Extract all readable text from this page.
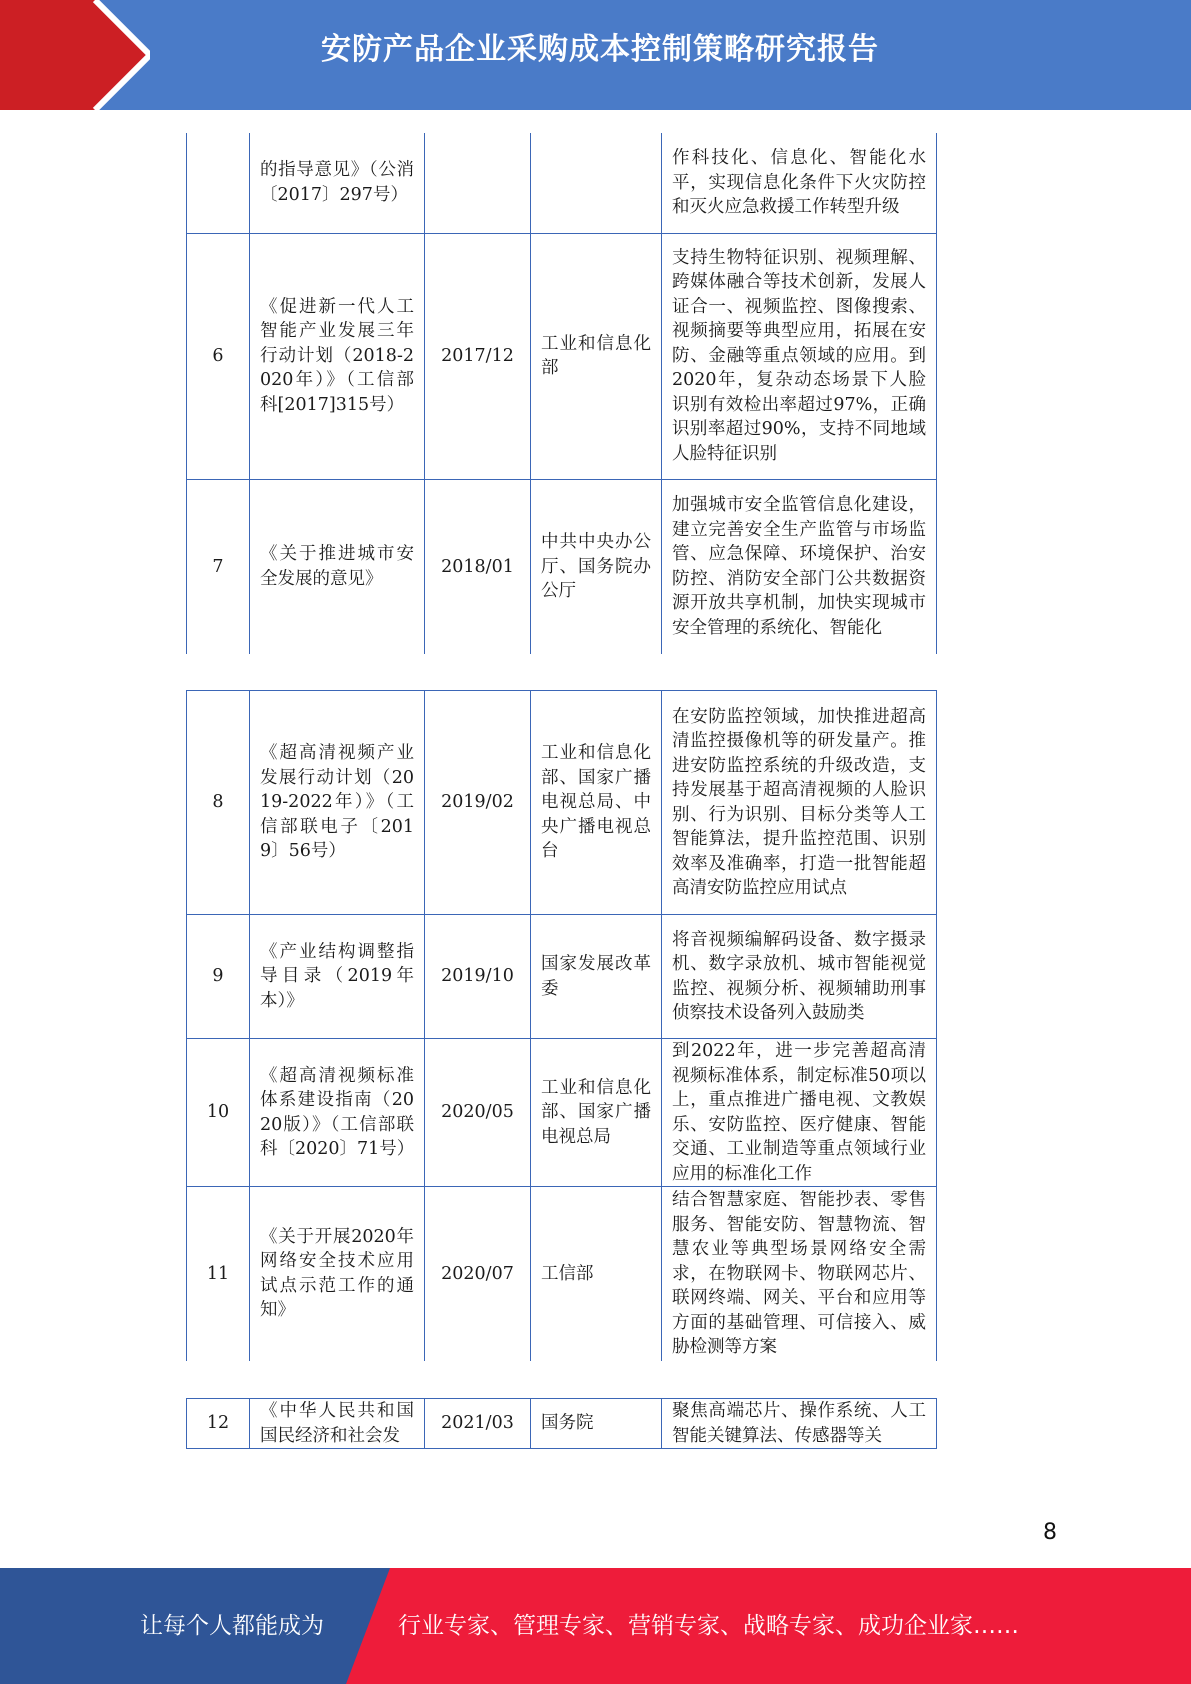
安防产品企业采购成本控制策略研究报告
	的指导意见》（公消〔2017〕297号）			作科技化、信息化、智能化水平，实现信息化条件下火灾防控和灭火应急救援工作转型升级
6	《促进新一代人工智能产业发展三年行动计划（2018-2020年）》（工信部科[2017]315号）	2017/12	工业和信息化部	支持生物特征识别、视频理解、跨媒体融合等技术创新，发展人证合一、视频监控、图像搜索、视频摘要等典型应用，拓展在安防、金融等重点领域的应用。到2020年，复杂动态场景下人脸识别有效检出率超过97%，正确识别率超过90%，支持不同地域人脸特征识别
7	《关于推进城市安全发展的意见》	2018/01	中共中央办公厅、国务院办公厅	加强城市安全监管信息化建设，建立完善安全生产监管与市场监管、应急保障、环境保护、治安防控、消防安全部门公共数据资源开放共享机制，加快实现城市安全管理的系统化、智能化
8	《超高清视频产业发展行动计划（2019-2022年）》（工信部联电子〔2019〕56号）	2019/02	工业和信息化部、国家广播电视总局、中央广播电视总台	在安防监控领域，加快推进超高清监控摄像机等的研发量产。推进安防监控系统的升级改造，支持发展基于超高清视频的人脸识别、行为识别、目标分类等人工智能算法，提升监控范围、识别效率及准确率，打造一批智能超高清安防监控应用试点
9	《产业结构调整指导目录（2019年本）》	2019/10	国家发展改革委	将音视频编解码设备、数字摄录机、数字录放机、城市智能视觉监控、视频分析、视频辅助刑事侦察技术设备列入鼓励类
10	《超高清视频标准体系建设指南（2020版）》（工信部联科〔2020〕71号）	2020/05	工业和信息化部、国家广播电视总局	到2022年，进一步完善超高清视频标准体系，制定标准50项以上，重点推进广播电视、文教娱乐、安防监控、医疗健康、智能交通、工业制造等重点领域行业应用的标准化工作
11	《关于开展2020年网络安全技术应用试点示范工作的通知》	2020/07	工信部	结合智慧家庭、智能抄表、零售服务、智能安防、智慧物流、智慧农业等典型场景网络安全需求，在物联网卡、物联网芯片、联网终端、网关、平台和应用等方面的基础管理、可信接入、威胁检测等方案
12	《中华人民共和国国民经济和社会发	2021/03	国务院	聚焦高端芯片、操作系统、人工智能关键算法、传感器等关
8
让每个人都能成为	行业专家、管理专家、营销专家、战略专家、成功企业家……
